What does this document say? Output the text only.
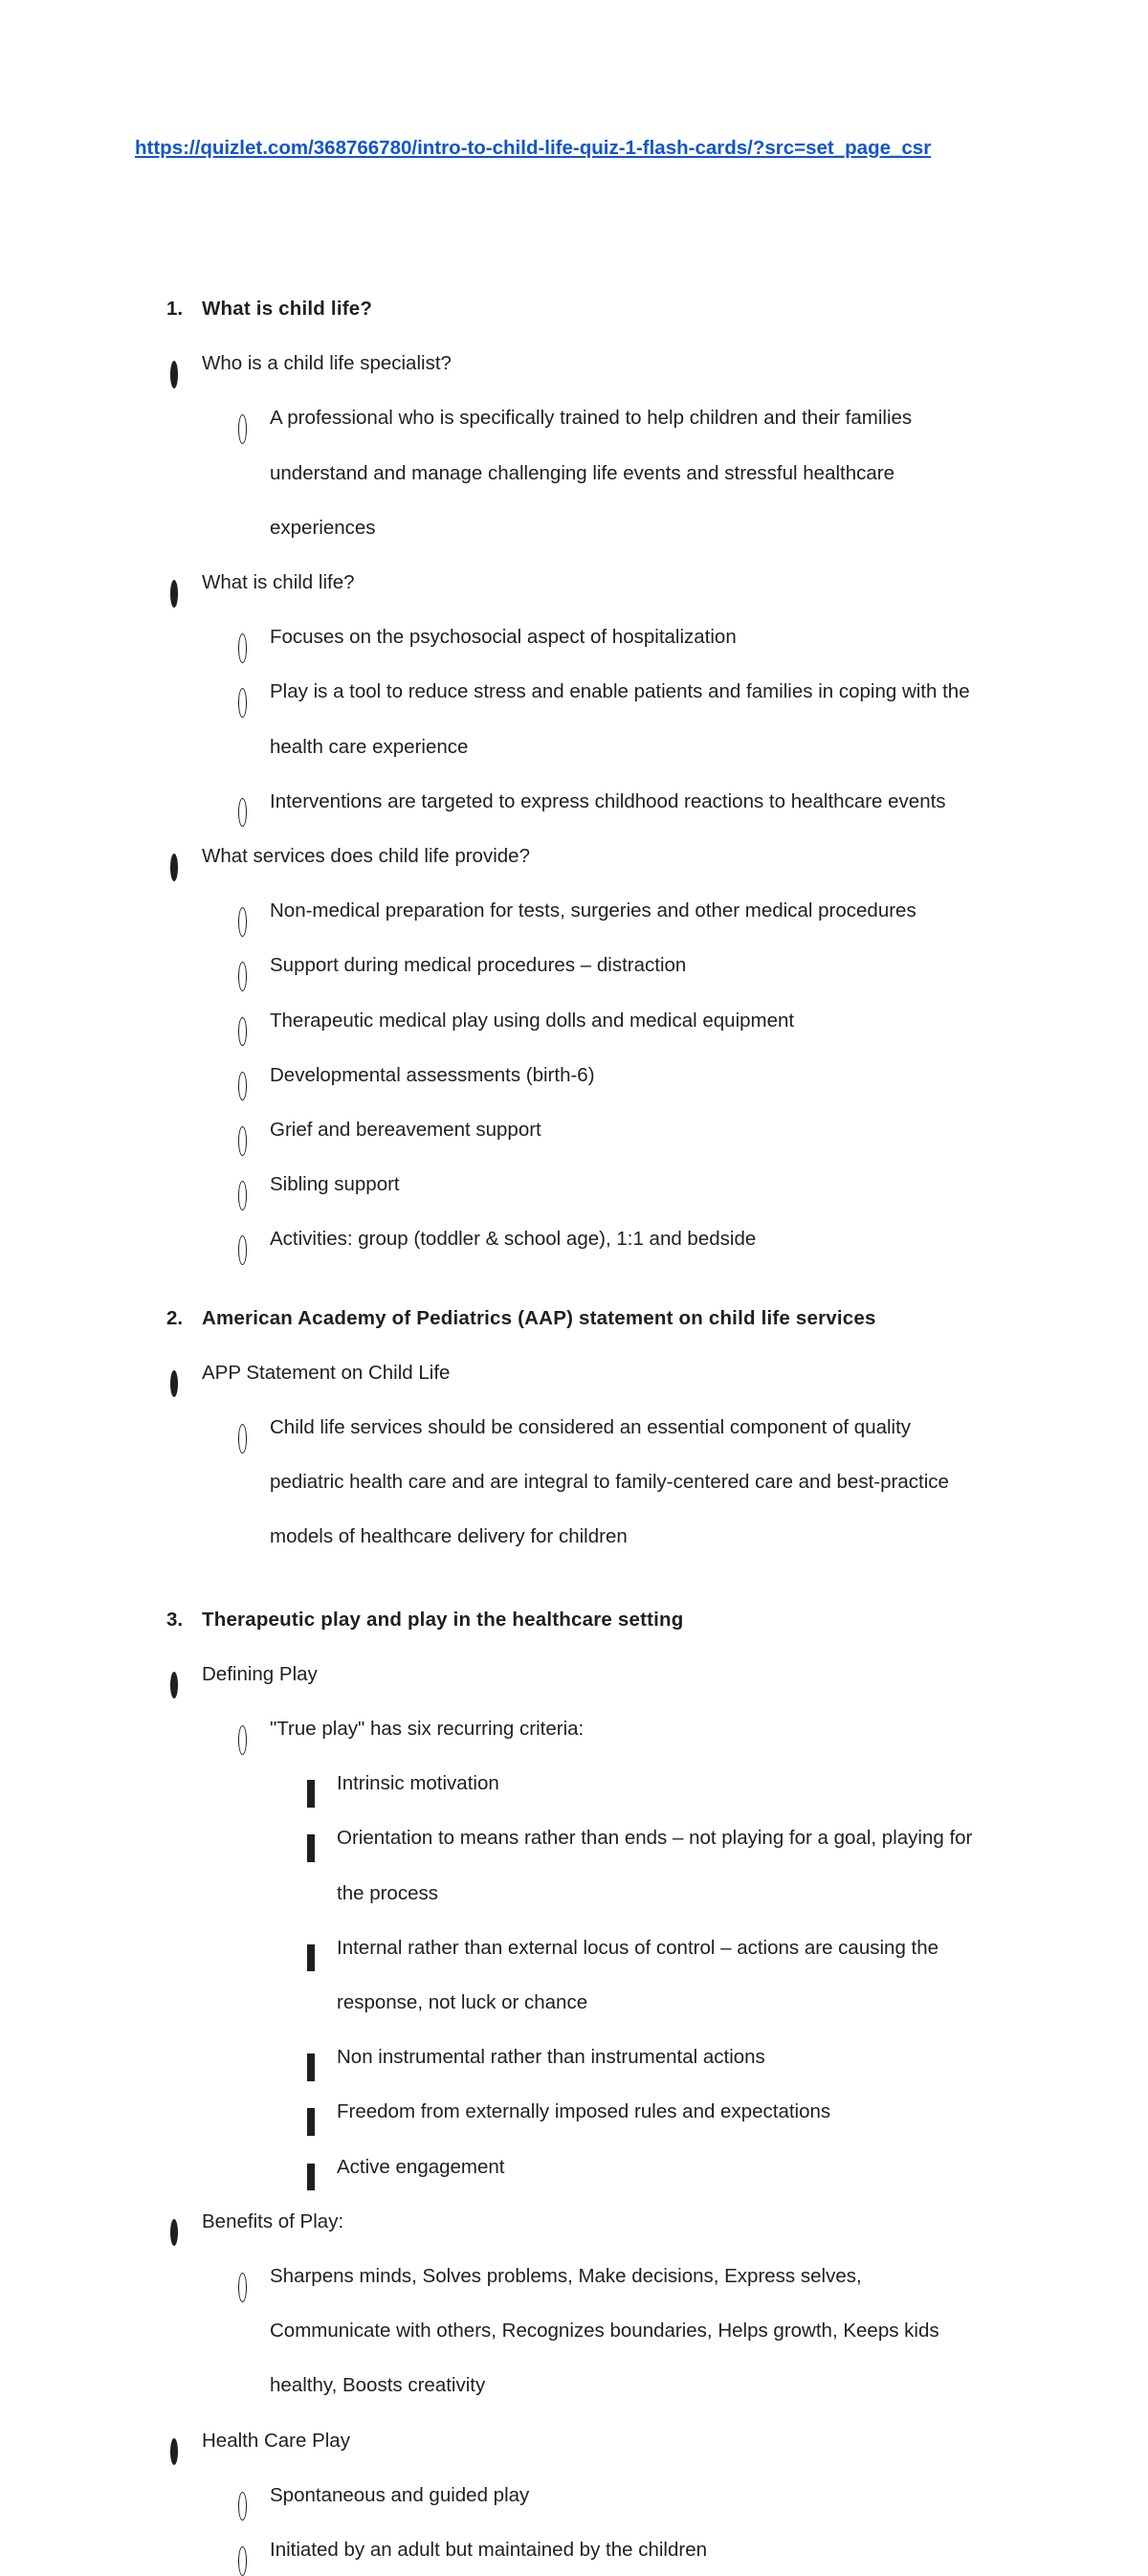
https://quizlet.com/368766780/intro-to-child-life-quiz-1-flash-cards/?src=set_page_csr
1. What is child life?
Who is a child life specialist?
A professional who is specifically trained to help children and their families
understand and manage challenging life events and stressful healthcare
experiences
What is child life?
Focuses on the psychosocial aspect of hospitalization
Play is a tool to reduce stress and enable patients and families in coping with the
health care experience
Interventions are targeted to express childhood reactions to healthcare events
What services does child life provide?
Non-medical preparation for tests, surgeries and other medical procedures
Support during medical procedures – distraction
Therapeutic medical play using dolls and medical equipment
Developmental assessments (birth-6)
Grief and bereavement support
Sibling support
Activities: group (toddler & school age), 1:1 and bedside
2. American Academy of Pediatrics (AAP) statement on child life services
APP Statement on Child Life
Child life services should be considered an essential component of quality
pediatric health care and are integral to family-centered care and best-practice
models of healthcare delivery for children
3. Therapeutic play and play in the healthcare setting
Defining Play
"True play" has six recurring criteria:
Intrinsic motivation
Orientation to means rather than ends – not playing for a goal, playing for
the process
Internal rather than external locus of control – actions are causing the
response, not luck or chance
Non instrumental rather than instrumental actions
Freedom from externally imposed rules and expectations
Active engagement
Benefits of Play:
Sharpens minds, Solves problems, Make decisions, Express selves,
Communicate with others, Recognizes boundaries, Helps growth, Keeps kids
healthy, Boosts creativity
Health Care Play
Spontaneous and guided play
Initiated by an adult but maintained by the children
